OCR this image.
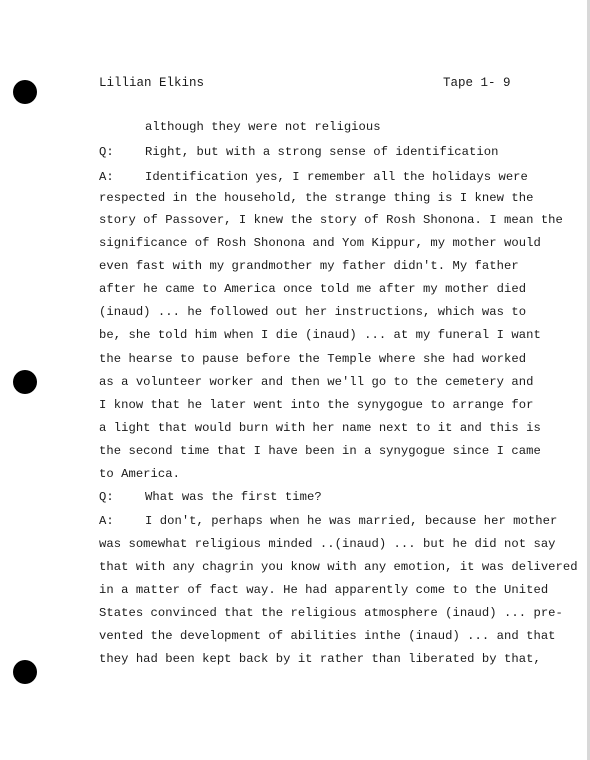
Lillian Elkins	Tape 1- 9
although they were not religious
Q:	Right, but with a strong sense of identification
A:	Identification yes, I remember all the holidays were
respected in the household, the strange thing is I knew the
story of Passover, I knew the story of Rosh Shonona. I mean the
significance of Rosh Shonona and Yom Kippur, my mother would
even fast with my grandmother my father didn't. My father
after he came to America once told me after my mother died
(inaud) ... he followed out her instructions, which was to
be, she told him when I die (inaud) ... at my funeral I want
the hearse to pause before the Temple where she had worked
as a volunteer worker and then we'll go to the cemetery and
I know that he later went into the synygogue to arrange for
a light that would burn with her name next to it and this is
the second time that I have been in a synygogue since I came
to America.
Q:	What was the first time?
A:	I don't, perhaps when he was married, because her mother
was somewhat religious minded ..(inaud) ... but he did not say
that with any chagrin you know with any emotion, it was delivered
in a matter of fact way. He had apparently come to the United
States convinced that the religious atmosphere (inaud) ... pre-
vented the development of abilities inthe (inaud) ... and that
they had been kept back by it rather than liberated by that,
